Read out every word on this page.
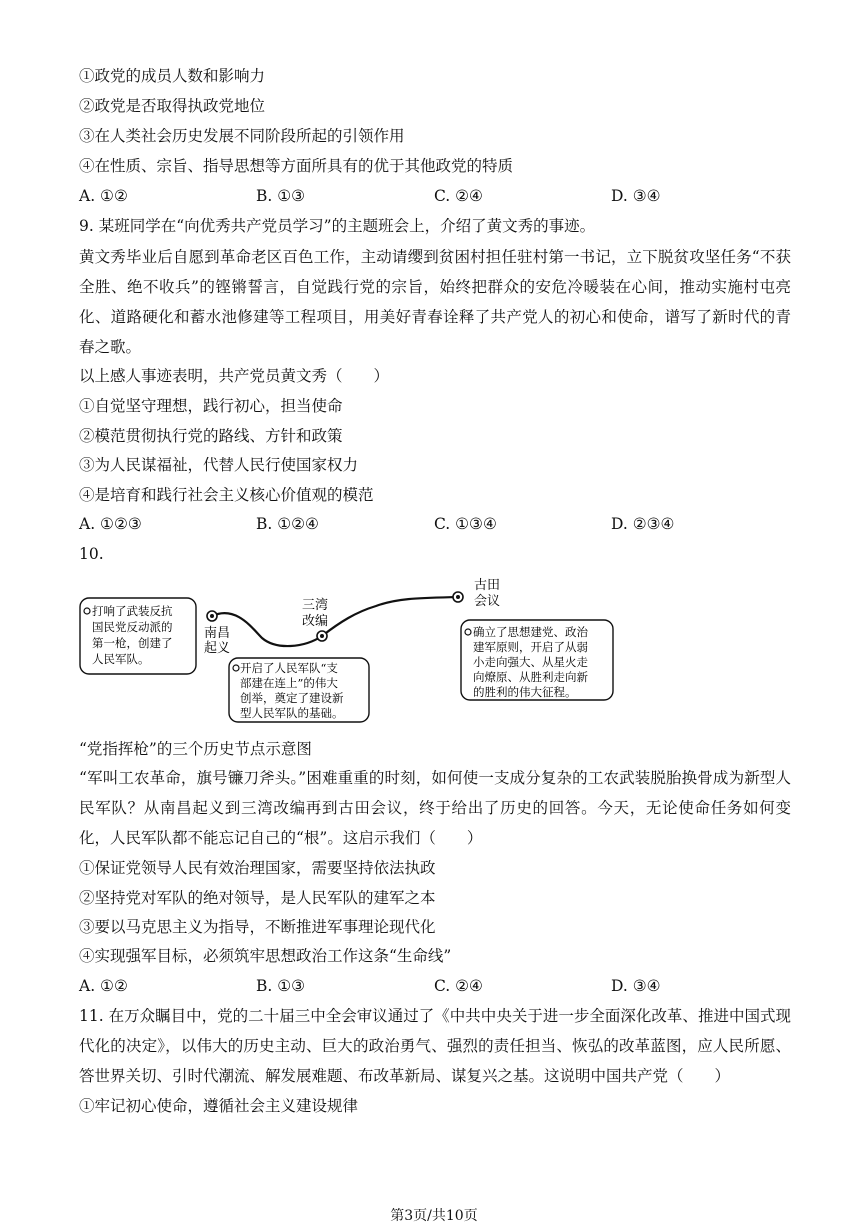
①政党的成员人数和影响力
②政党是否取得执政党地位
③在人类社会历史发展不同阶段所起的引领作用
④在性质、宗旨、指导思想等方面所具有的优于其他政党的特质
A. ①②	B. ①③	C. ②④	D. ③④
9. 某班同学在“向优秀共产党员学习”的主题班会上，介绍了黄文秀的事迹。
黄文秀毕业后自愿到革命老区百色工作，主动请缨到贫困村担任驻村第一书记，立下脱贫攻坚任务“不获全胜、绝不收兵”的铿锵誓言，自觉践行党的宗旨，始终把群众的安危冷暖装在心间，推动实施村屯亮化、道路硬化和蓄水池修建等工程项目，用美好青春诠释了共产党人的初心和使命，谱写了新时代的青春之歌。
以上感人事迹表明，共产党员黄文秀（　　）
①自觉坚守理想，践行初心，担当使命
②模范贯彻执行党的路线、方针和政策
③为人民谋福祉，代替人民行使国家权力
④是培育和践行社会主义核心价值观的模范
A. ①②③	B. ①②④	C. ①③④	D. ②③④
10.
南昌
起义
三湾
改编
古田
会议
打响了武装反抗
国民党反动派的
第一枪，创建了
人民军队。
开启了人民军队“支
部建在连上”的伟大
创举，奠定了建设新
型人民军队的基础。
确立了思想建党、政治
建军原则，开启了从弱
小走向强大、从星火走
向燎原、从胜利走向新
的胜利的伟大征程。
“党指挥枪”的三个历史节点示意图
“军叫工农革命，旗号镰刀斧头。”困难重重的时刻，如何使一支成分复杂的工农武装脱胎换骨成为新型人民军队？从南昌起义到三湾改编再到古田会议，终于给出了历史的回答。今天，无论使命任务如何变化，人民军队都不能忘记自己的“根”。这启示我们（　　）
①保证党领导人民有效治理国家，需要坚持依法执政
②坚持党对军队的绝对领导，是人民军队的建军之本
③要以马克思主义为指导，不断推进军事理论现代化
④实现强军目标，必须筑牢思想政治工作这条“生命线”
A. ①②	B. ①③	C. ②④	D. ③④
11. 在万众瞩目中，党的二十届三中全会审议通过了《中共中央关于进一步全面深化改革、推进中国式现代化的决定》，以伟大的历史主动、巨大的政治勇气、强烈的责任担当、恢弘的改革蓝图，应人民所愿、答世界关切、引时代潮流、解发展难题、布改革新局、谋复兴之基。这说明中国共产党（　　）
①牢记初心使命，遵循社会主义建设规律
第3页/共10页
